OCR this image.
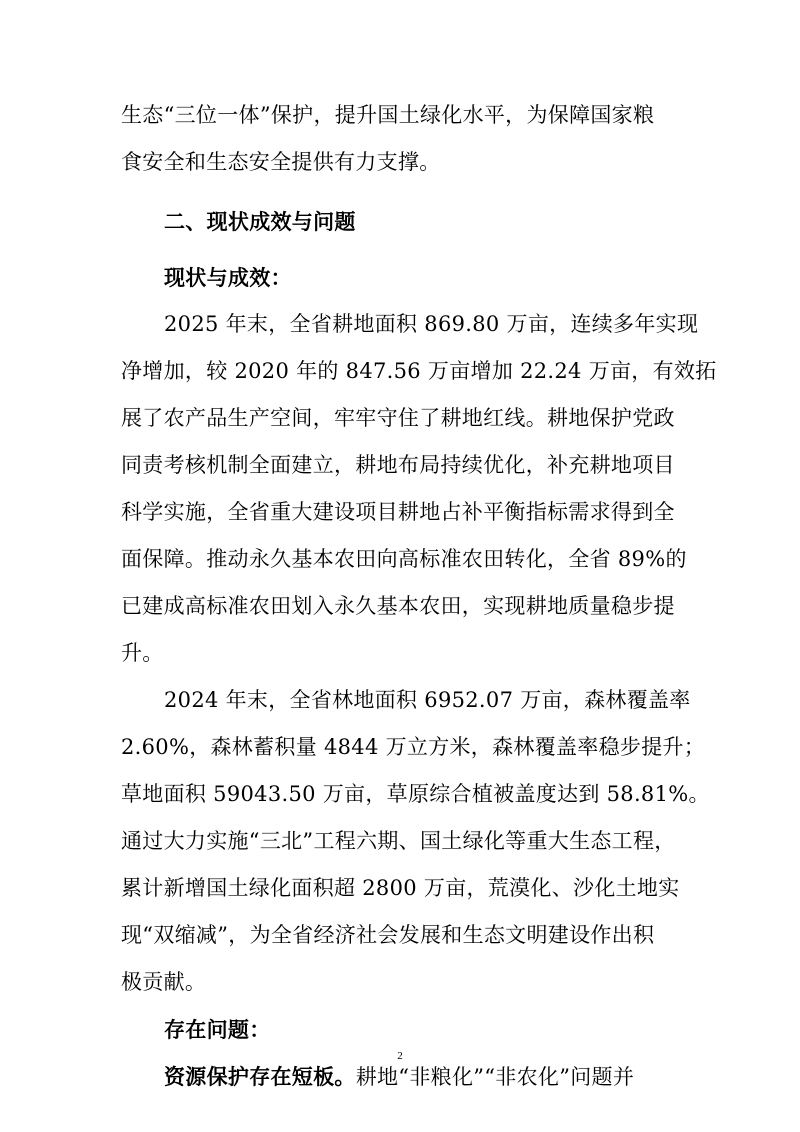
生态“三位一体”保护，提升国土绿化水平，为保障国家粮

食安全和生态安全提供有力支撑。

二、现状成效与问题

现状与成效：

2025 年末，全省耕地面积 869.80 万亩，连续多年实现

净增加，较 2020 年的 847.56 万亩增加 22.24 万亩，有效拓

展了农产品生产空间，牢牢守住了耕地红线。耕地保护党政

同责考核机制全面建立，耕地布局持续优化，补充耕地项目

科学实施，全省重大建设项目耕地占补平衡指标需求得到全

面保障。推动永久基本农田向高标准农田转化，全省 89%的

已建成高标准农田划入永久基本农田，实现耕地质量稳步提

升。

2024 年末，全省林地面积 6952.07 万亩，森林覆盖率

2.60%，森林蓄积量 4844 万立方米，森林覆盖率稳步提升；

草地面积 59043.50 万亩，草原综合植被盖度达到 58.81%。

通过大力实施“三北”工程六期、国土绿化等重大生态工程，

累计新增国土绿化面积超 2800 万亩，荒漠化、沙化土地实

现“双缩减”，为全省经济社会发展和生态文明建设作出积

极贡献。

存在问题：

资源保护存在短板。耕地“非粮化”“非农化”问题并

2
